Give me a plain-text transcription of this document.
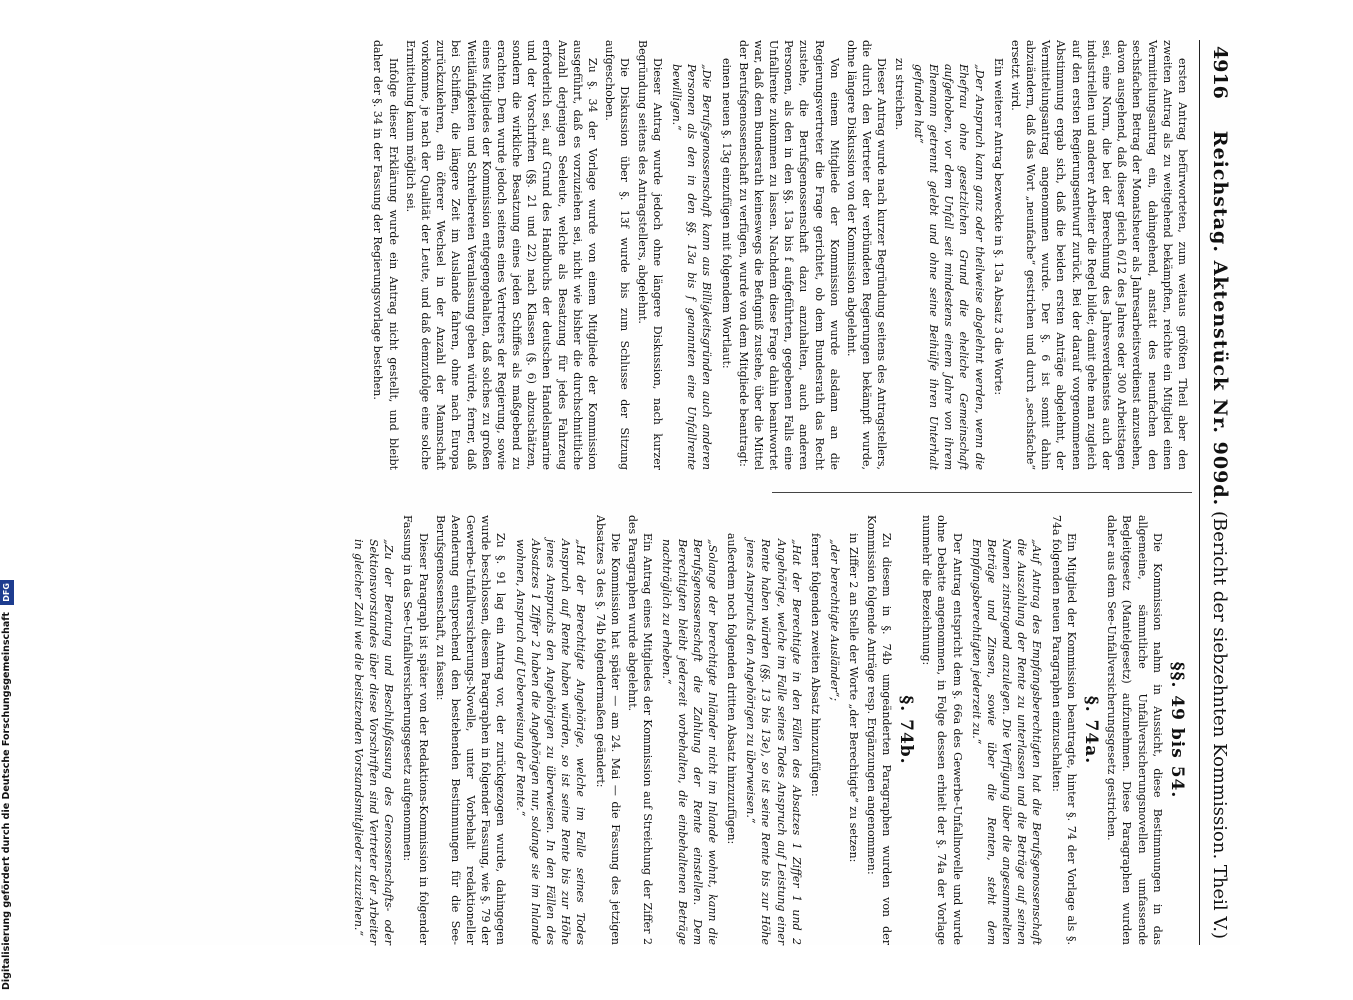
Digitalisierung gefördert durch die Deutsche Forschungsgemeinschaft DFG
4916
Reichstag. Aktenstück Nr. 909d.
(Bericht der siebzehnten Kommission. Theil V.)

ersten Antrag befürworteten, zum weitaus größten Theil aber den zweiten Antrag als zu weitgehend bekämpften, reichte ein Mitglied einen Vermittelungsantrag ein, dahingehend, anstatt des neunfachen den sechsfachen Betrag der Monatsheuer als Jahresarbeitsverdienst anzusehen, davon ausgehend, daß dieser gleich 6/12 des Jahres oder 300 Arbeitstagen sei, eine Norm, die bei der Berechnung des Jahresverdienstes auch der industriellen und anderer Arbeiter die Regel bilde; damit gehe man zugleich auf den ersten Regierungsentwurf zurück. Bei der darauf vorgenommenen Abstimmung ergab sich, daß die beiden ersten Anträge abgelehnt, der Vermittelungsantrag angenommen wurde. Der §. 6 ist somit dahin abzuändern, daß das Wort „neunfache“ gestrichen und durch „sechsfache“ ersetzt wird.

Ein weiterer Antrag bezweckte in §. 13a Absatz 3 die Worte:

„Der Anspruch kann ganz oder theilweise abgelehnt werden, wenn die Ehefrau ohne gesetzlichen Grund die eheliche Gemeinschaft aufgehoben, vor dem Unfall seit mindestens einem Jahre von ihrem Ehemann getrennt gelebt und ohne seine Beihülfe ihren Unterhalt gefunden hat“

zu streichen.

Dieser Antrag wurde nach kurzer Begründung seitens des Antragstellers, die durch den Vertreter der verbündeten Regierungen bekämpft wurde, ohne längere Diskussion von der Kommission abgelehnt.

Von einem Mitgliede der Kommission wurde alsdann an die Regierungsvertreter die Frage gerichtet, ob dem Bundesrath das Recht zustehe, die Berufsgenossenschaft dazu anzuhalten, auch anderen Personen, als den in den §§. 13a bis f aufgeführten, gegebenen Falls eine Unfallrente zukommen zu lassen. Nachdem diese Frage dahin beantwortet war, daß dem Bundesrath keineswegs die Befugniß zustehe, über die Mittel der Berufsgenossenschaft zu verfügen, wurde von dem Mitgliede beantragt:

einen neuen §. 13g einzufügen mit folgendem Wortlaut:

„Die Berufsgenossenschaft kann aus Billigkeitsgründen auch anderen Personen als den in den §§. 13a bis f genannten eine Unfallrente bewilligen.“

Dieser Antrag wurde jedoch ohne längere Diskussion, nach kurzer Begründung seitens des Antragstellers, abgelehnt.

Die Diskussion über §. 13f wurde bis zum Schlusse der Sitzung aufgeschoben.

Zu §. 34 der Vorlage wurde von einem Mitgliede der Kommission ausgeführt, daß es vorzuziehen sei, nicht wie bisher die durchschnittliche Anzahl derjenigen Seeleute, welche als Besatzung für jedes Fahrzeug erforderlich sei, auf Grund des Handbuchs der deutschen Handelsmarine und der Vorschriften (§§. 21 und 22) nach Klassen (§. 6) abzuschätzen, sondern die wirkliche Besatzung eines jeden Schiffes als maßgebend zu erachten. Dem wurde jedoch seitens eines Vertreters der Regierung, sowie eines Mitgliedes der Kommission entgegengehalten, daß solches zu großen Weitläufigkeiten und Schreibereien Veranlassung geben würde, ferner, daß bei Schiffen, die längere Zeit im Auslande fahren, ohne nach Europa zurückzukehren, ein öfterer Wechsel in der Anzahl der Mannschaft vorkomme, je nach der Qualität der Leute, und daß demzufolge eine solche Ermittelung kaum möglich sei.

Infolge dieser Erklärung wurde ein Antrag nicht gestellt, und bleibt daher der §. 34 in der Fassung der Regierungsvorlage bestehen.

§§. 49 bis 54.

Die Kommission nahm in Aussicht, diese Bestimmungen in das allgemeine, sämmtliche Unfallversicherungsnovellen umfassende Begleitgesetz (Mantelgesetz) aufzunehmen. Diese Paragraphen wurden daher aus dem See-Unfallversicherungsgesetz gestrichen.

§. 74a.

Ein Mitglied der Kommission beantragte, hinter §. 74 der Vorlage als §. 74a folgenden neuen Paragraphen einzuschalten:

„Auf Antrag des Empfangsberechtigten hat die Berufsgenossenschaft die Auszahlung der Rente zu unterlassen und die Beträge auf seinen Namen zinstragend anzulegen. Die Verfügung über die angesammelten Beträge und Zinsen, sowie über die Renten, steht dem Empfangsberechtigten jederzeit zu.“

Der Antrag entspricht dem §. 66a des Gewerbe-Unfallnovelle und wurde ohne Debatte angenommen, in Folge dessen erhielt der §. 74a der Vorlage nunmehr die Bezeichnung:

§. 74b.

Zu diesem in §. 74b umgeänderten Paragraphen wurden von der Kommission folgende Anträge resp. Ergänzungen angenommen:

in Ziffer 2 an Stelle der Worte „der Berechtigte“ zu setzen:

„der berechtigte Ausländer“;

ferner folgenden zweiten Absatz hinzuzufügen:

„Hat der Berechtigte in den Fällen des Absatzes 1 Ziffer 1 und 2 Angehörige, welche im Falle seines Todes Anspruch auf Leistung einer Rente haben würden (§§. 13 bis 13e), so ist seine Rente bis zur Höhe jenes Anspruchs den Angehörigen zu überweisen.“

außerdem noch folgenden dritten Absatz hinzuzufügen:

„Solange der berechtigte Inländer nicht im Inlande wohnt, kann die Berufsgenossenschaft die Zahlung der Rente einstellen. Dem Berechtigten bleibt jederzeit vorbehalten, die einbehaltenen Beträge nachträglich zu erheben.“

Ein Antrag eines Mitgliedes der Kommission auf Streichung der Ziffer 2 des Paragraphen wurde abgelehnt.

Die Kommission hat später — am 24. Mai — die Fassung des jetzigen Absatzes 3 des §. 74b folgendermaßen geändert:

„Hat der Berechtigte Angehörige, welche im Falle seines Todes Anspruch auf Rente haben würden, so ist seine Rente bis zur Höhe jenes Anspruchs den Angehörigen zu überweisen. In den Fällen des Absatzes 1 Ziffer 2 haben die Angehörigen nur, solange sie im Inlande wohnen, Anspruch auf Ueberweisung der Rente.“

Zu §. 91 lag ein Antrag vor, der zurückgezogen wurde, dahingegen wurde beschlossen, diesem Paragraphen in folgender Fassung, wie §. 79 der Gewerbe-Unfallversicherungs-Novelle, unter Vorbehalt redaktioneller Aenderung entsprechend den bestehenden Bestimmungen für die See-Berufsgenossenschaft, zu fassen:

Dieser Paragraph ist später von der Redaktions-Kommission in folgender Fassung in das See-Unfallversicherungsgesetz aufgenommen:

„Zu der Beratung und Beschlußfassung des Genossenschafts- oder Sektionsvorstandes über diese Vorschriften sind Vertreter der Arbeiter in gleicher Zahl wie die beisitzenden Vorstandsmitglieder zuzuziehen.“
